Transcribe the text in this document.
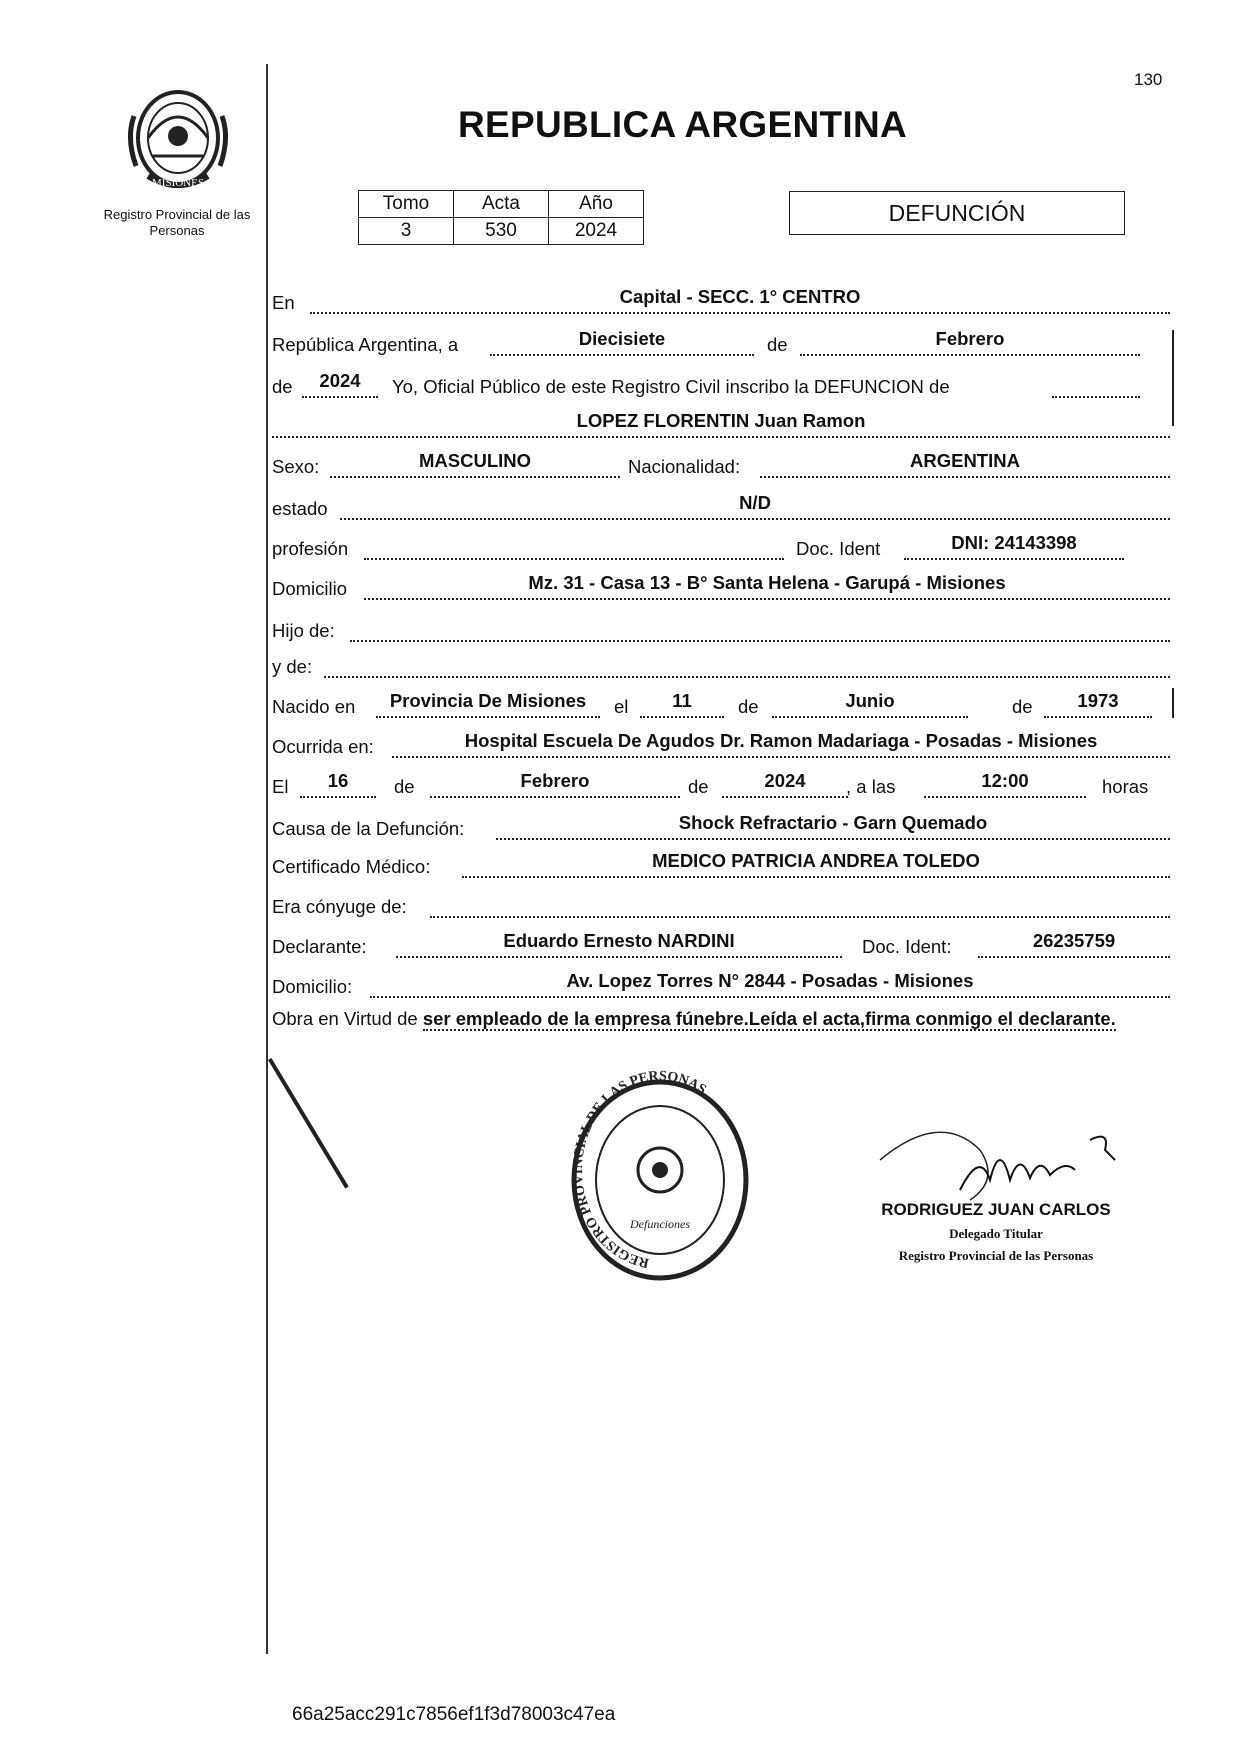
MISIONES
Registro Provincial de las Personas
130
REPUBLICA ARGENTINA
Tomo	Acta	Año
3	530	2024
DEFUNCIÓN
En	Capital - SECC. 1° CENTRO
República Argentina, a	Diecisiete	de	Febrero
de	2024	Yo, Oficial Público de este Registro Civil inscribo la DEFUNCION de
LOPEZ FLORENTIN Juan Ramon
Sexo:	MASCULINO	Nacionalidad:	ARGENTINA
estado	N/D
profesión	Doc. Ident	DNI: 24143398
Domicilio	Mz. 31 - Casa 13 - B° Santa Helena - Garupá - Misiones
Hijo de:
y de:
Nacido en	Provincia De Misiones	el	11	de	Junio	de	1973
Ocurrida en:	Hospital Escuela De Agudos Dr. Ramon Madariaga - Posadas - Misiones
El	16	de	Febrero	de	2024	, a las	12:00	horas
Causa de la Defunción:	Shock Refractario - Garn Quemado
Certificado Médico:	MEDICO PATRICIA ANDREA TOLEDO
Era cónyuge de:
Declarante:	Eduardo Ernesto NARDINI	Doc. Ident:	26235759
Domicilio:	Av. Lopez Torres N° 2844 - Posadas - Misiones
Obra en Virtud de ser empleado de la empresa fúnebre.Leída el acta,firma conmigo el declarante.
REGISTRO PROVINCIAL DE LAS PERSONAS
Defunciones
RODRIGUEZ JUAN CARLOS
Delegado Titular
Registro Provincial de las Personas
66a25acc291c7856ef1f3d78003c47ea
